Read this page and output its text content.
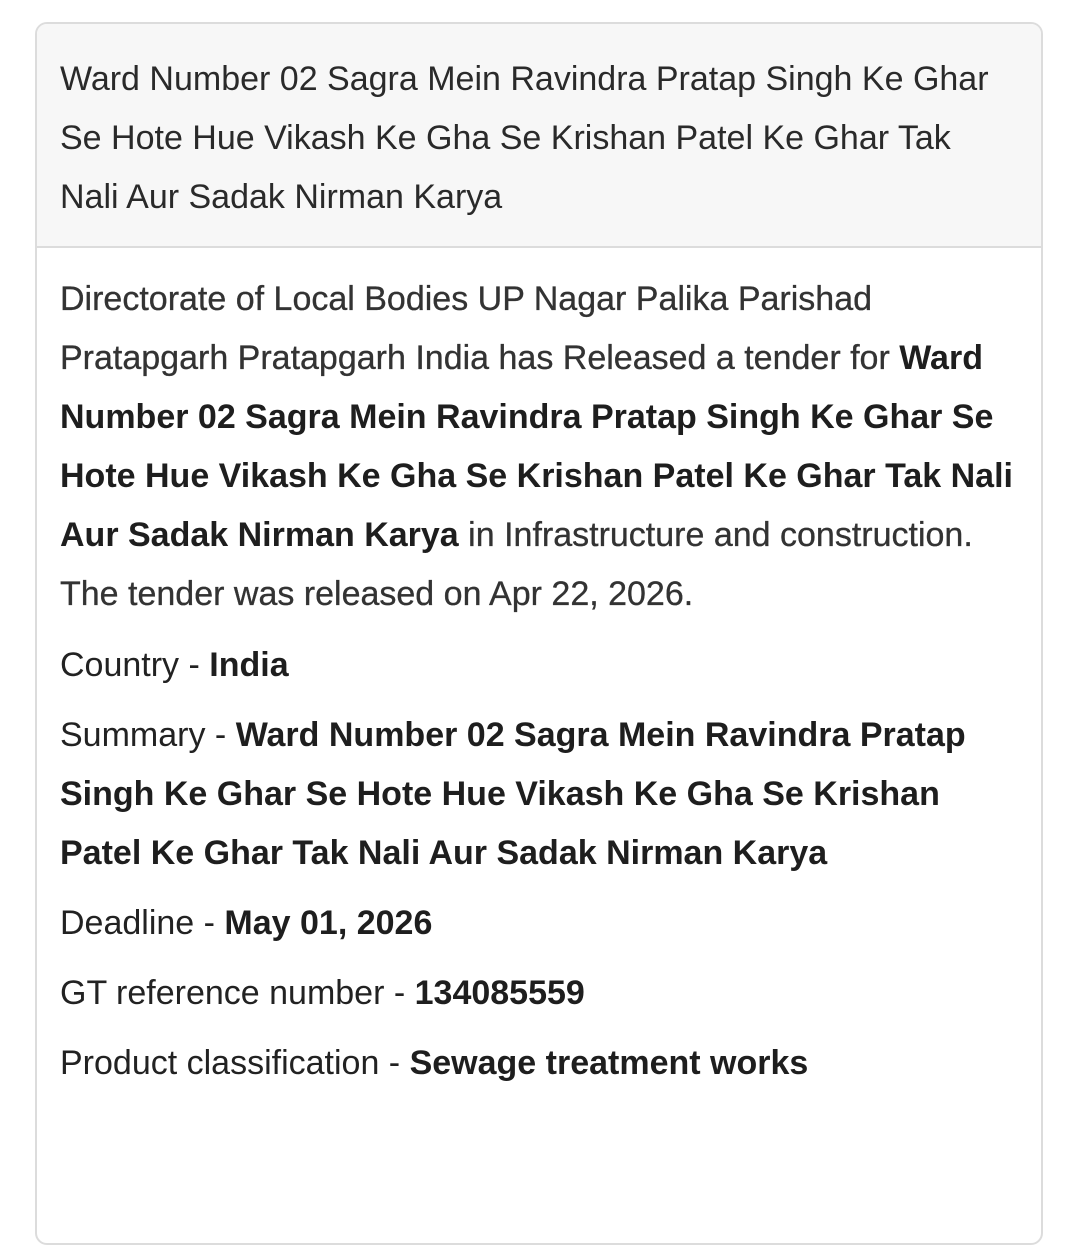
Ward Number 02 Sagra Mein Ravindra Pratap Singh Ke Ghar Se Hote Hue Vikash Ke Gha Se Krishan Patel Ke Ghar Tak Nali Aur Sadak Nirman Karya

Directorate of Local Bodies UP Nagar Palika Parishad Pratapgarh Pratapgarh India has Released a tender for Ward Number 02 Sagra Mein Ravindra Pratap Singh Ke Ghar Se Hote Hue Vikash Ke Gha Se Krishan Patel Ke Ghar Tak Nali Aur Sadak Nirman Karya in Infrastructure and construction. The tender was released on Apr 22, 2026.

Country - India
Summary - Ward Number 02 Sagra Mein Ravindra Pratap Singh Ke Ghar Se Hote Hue Vikash Ke Gha Se Krishan Patel Ke Ghar Tak Nali Aur Sadak Nirman Karya
Deadline - May 01, 2026
GT reference number - 134085559
Product classification - Sewage treatment works
